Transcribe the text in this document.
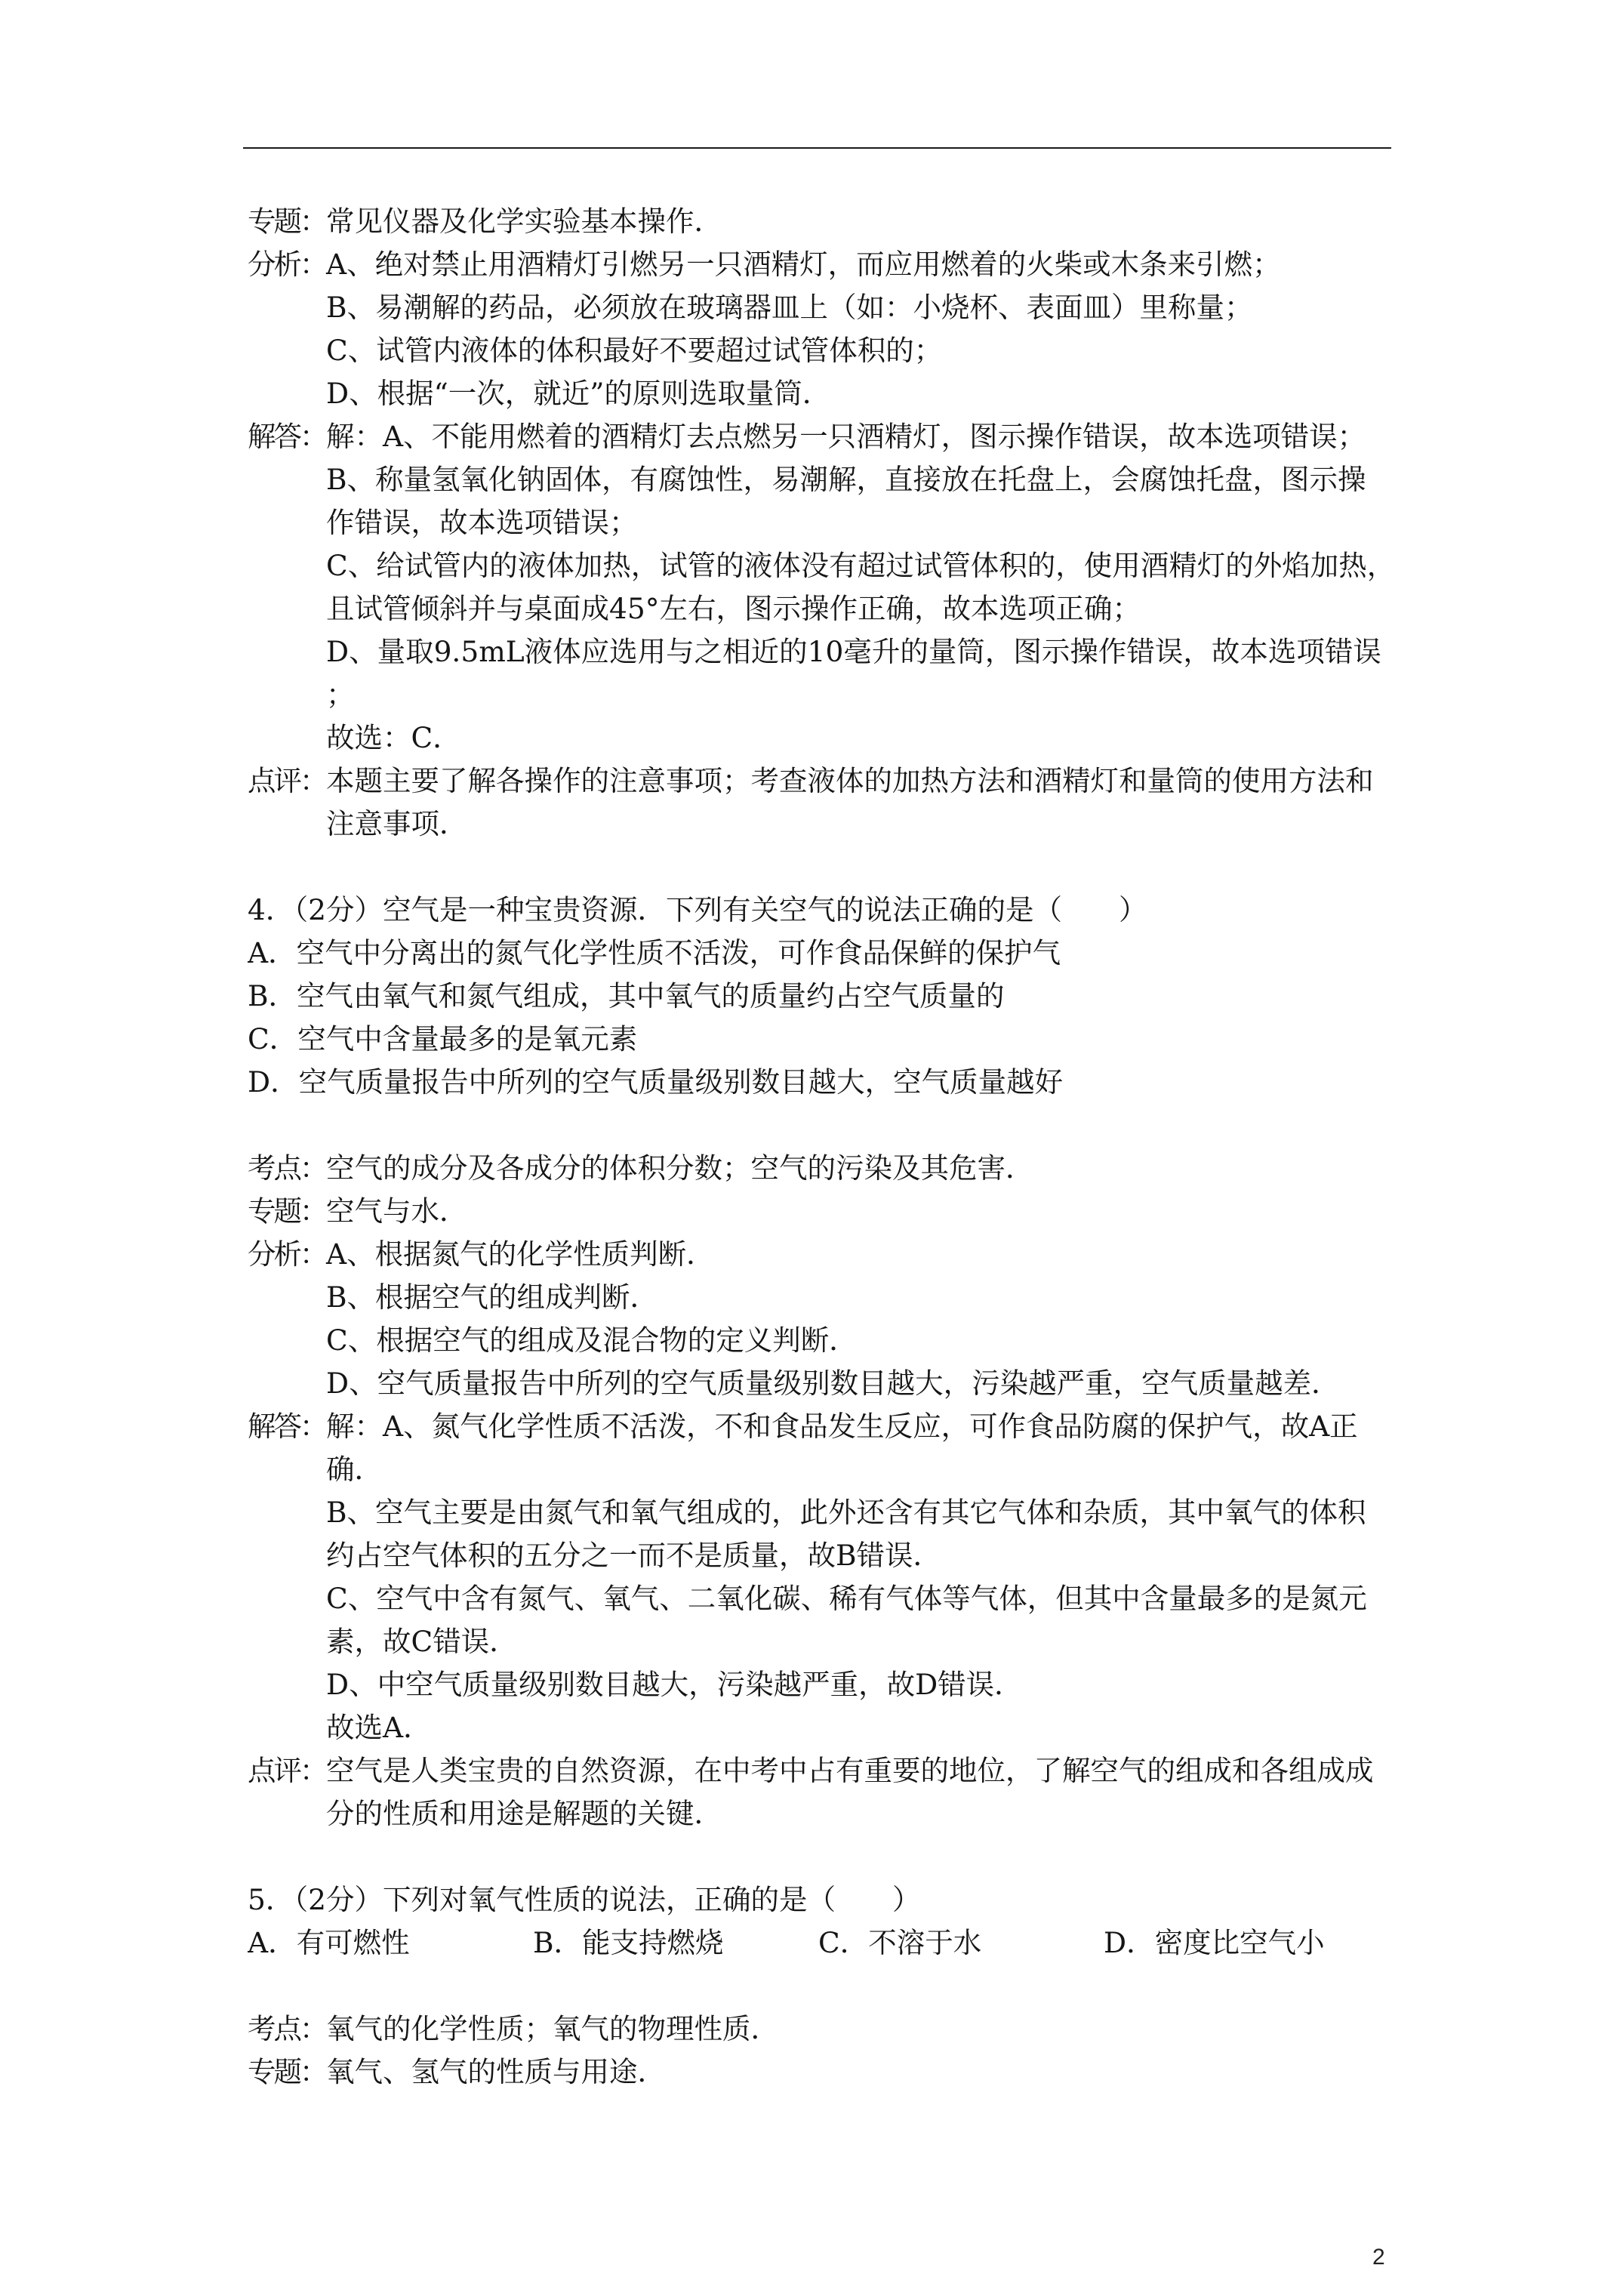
专题： 常见仪器及化学实验基本操作．
分析： A、绝对禁止用酒精灯引燃另一只酒精灯，而应用燃着的火柴或木条来引燃；
B、易潮解的药品，必须放在玻璃器皿上（如：小烧杯、表面皿）里称量；
C、试管内液体的体积最好不要超过试管体积的；
D、根据“一次，就近”的原则选取量筒．
解答： 解：A、不能用燃着的酒精灯去点燃另一只酒精灯，图示操作错误，故本选项错误；
B、称量氢氧化钠固体，有腐蚀性，易潮解，直接放在托盘上，会腐蚀托盘，图示操
作错误，故本选项错误；
C、给试管内的液体加热，试管的液体没有超过试管体积的，使用酒精灯的外焰加热，
且试管倾斜并与桌面成45°左右，图示操作正确，故本选项正确；
D、量取9.5mL液体应选用与之相近的10毫升的量筒，图示操作错误，故本选项错误
；
故选：C．
点评： 本题主要了解各操作的注意事项；考查液体的加热方法和酒精灯和量筒的使用方法和
注意事项．
4．（2分）空气是一种宝贵资源．下列有关空气的说法正确的是（　　）
A．空气中分离出的氮气化学性质不活泼，可作食品保鲜的保护气
B．空气由氧气和氮气组成，其中氧气的质量约占空气质量的
C．空气中含量最多的是氧元素
D．空气质量报告中所列的空气质量级别数目越大，空气质量越好
考点： 空气的成分及各成分的体积分数；空气的污染及其危害．
专题： 空气与水．
分析： A、根据氮气的化学性质判断．
B、根据空气的组成判断．
C、根据空气的组成及混合物的定义判断．
D、空气质量报告中所列的空气质量级别数目越大，污染越严重，空气质量越差．
解答： 解：A、氮气化学性质不活泼，不和食品发生反应，可作食品防腐的保护气，故A正
确．
B、空气主要是由氮气和氧气组成的，此外还含有其它气体和杂质，其中氧气的体积
约占空气体积的五分之一而不是质量，故B错误．
C、空气中含有氮气、氧气、二氧化碳、稀有气体等气体，但其中含量最多的是氮元
素，故C错误．
D、中空气质量级别数目越大，污染越严重，故D错误．
故选A．
点评： 空气是人类宝贵的自然资源，在中考中占有重要的地位，了解空气的组成和各组成成
分的性质和用途是解题的关键．
5．（2分）下列对氧气性质的说法，正确的是（　　）
A．有可燃性	B．能支持燃烧	C．不溶于水	D．密度比空气小
考点： 氧气的化学性质；氧气的物理性质．
专题： 氧气、氢气的性质与用途．
2
